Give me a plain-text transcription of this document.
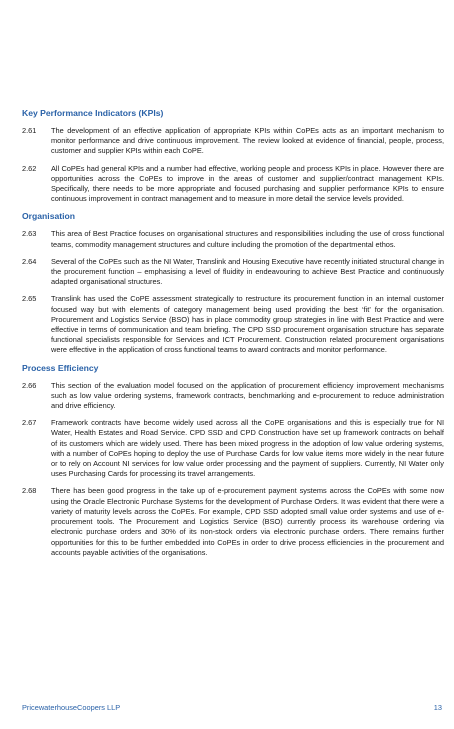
Key Performance Indicators (KPIs)
2.61	The development of an effective application of appropriate KPIs within CoPEs acts as an important mechanism to monitor performance and drive continuous improvement. The review looked at evidence of financial, people, process, customer and supplier KPIs within each CoPE.
2.62	All CoPEs had general KPIs and a number had effective, working people and process KPIs in place. However there are opportunities across the CoPEs to improve in the areas of customer and supplier/contract management KPIs. Specifically, there needs to be more appropriate and focused purchasing and supplier performance KPIs to ensure continuous improvement in contract management and to measure in more detail the service levels provided.
Organisation
2.63	This area of Best Practice focuses on organisational structures and responsibilities including the use of cross functional teams, commodity management structures and culture including the promotion of the departmental ethos.
2.64	Several of the CoPEs such as the NI Water, Translink and Housing Executive have recently initiated structural change in the procurement function – emphasising a level of fluidity in endeavouring to achieve Best Practice and continuously adapted organisational structures.
2.65	Translink has used the CoPE assessment strategically to restructure its procurement function in an internal customer focused way but with elements of category management being used providing the best ‘fit’ for the organisation. Procurement and Logistics Service (BSO) has in place commodity group strategies in line with Best Practice and were effective in terms of communication and team briefing. The CPD SSD procurement organisation structure has separate functional specialists responsible for Services and ICT Procurement. Construction related procurement organisations were effective in the application of cross functional teams to award contracts and monitor performance.
Process Efficiency
2.66	This section of the evaluation model focused on the application of procurement efficiency improvement mechanisms such as low value ordering systems, framework contracts, benchmarking and e-procurement to reduce administration and drive efficiency.
2.67	Framework contracts have become widely used across all the CoPE organisations and this is especially true for NI Water, Health Estates and Road Service. CPD SSD and CPD Construction have set up framework contracts on behalf of its customers which are widely used. There has been mixed progress in the adoption of low value ordering systems, with a number of CoPEs hoping to deploy the use of Purchase Cards for low value items more widely in the near future or to rely on Account NI services for low value order processing and the payment of suppliers. Currently, NI Water only uses Purchasing Cards for processing its travel arrangements.
2.68	There has been good progress in the take up of e-procurement payment systems across the CoPEs with some now using the Oracle Electronic Purchase Systems for the development of Purchase Orders. It was evident that there were a variety of maturity levels across the CoPEs. For example, CPD SSD adopted small value order systems and use of e-procurement tools. The Procurement and Logistics Service (BSO) currently process its warehouse ordering via electronic purchase orders and 30% of its non-stock orders via electronic purchase orders. There remains further opportunities for this to be further embedded into CoPEs in order to drive process efficiencies in the procurement and accounts payable activities of the organisations.
PricewaterhouseCoopers LLP	13
